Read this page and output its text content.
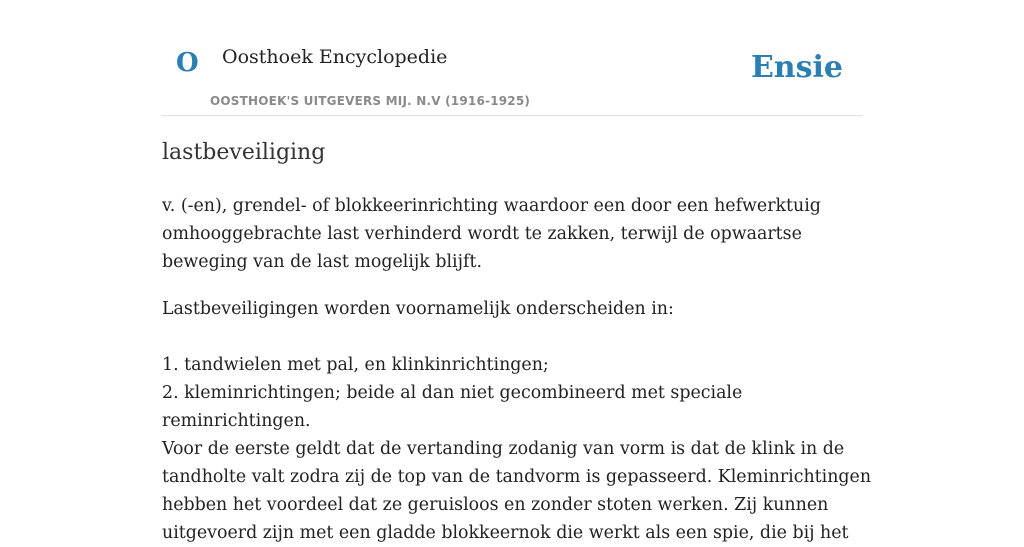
O Oosthoek Encyclopedie	Ensie
OOSTHOEK'S UITGEVERS MIJ. N.V (1916-1925)
lastbeveiliging

v. (-en), grendel- of blokkeerinrichting waardoor een door een hefwerktuig omhooggebrachte last verhinderd wordt te zakken, terwijl de opwaartse beweging van de last mogelijk blijft.

Lastbeveiligingen worden voornamelijk onderscheiden in:

1. tandwielen met pal, en klinkinrichtingen;

2. kleminrichtingen; beide al dan niet gecombineerd met speciale reminrichtingen.

Voor de eerste geldt dat de vertanding zodanig van vorm is dat de klink in de tandholte valt zodra zij de top van de tandvorm is gepasseerd. Kleminrichtingen hebben het voordeel dat ze geruisloos en zonder stoten werken. Zij kunnen uitgevoerd zijn met een gladde blokkeernok die werkt als een spie, die bij het
